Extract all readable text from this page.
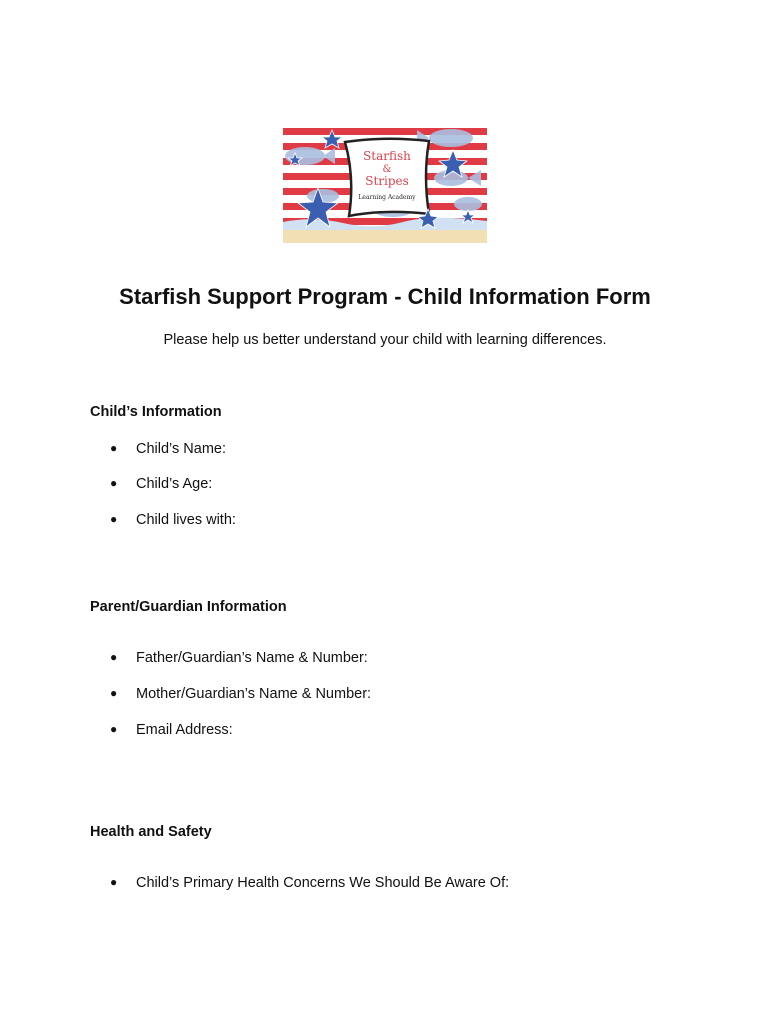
Starfish
&
Stripes
Learning Academy
Starfish Support Program - Child Information Form

Please help us better understand your child with learning differences.

Child’s Information
● Child’s Name:
● Child’s Age:
● Child lives with:
Parent/Guardian Information
● Father/Guardian’s Name & Number:
● Mother/Guardian’s Name & Number:
● Email Address:
Health and Safety
● Child’s Primary Health Concerns We Should Be Aware Of:
